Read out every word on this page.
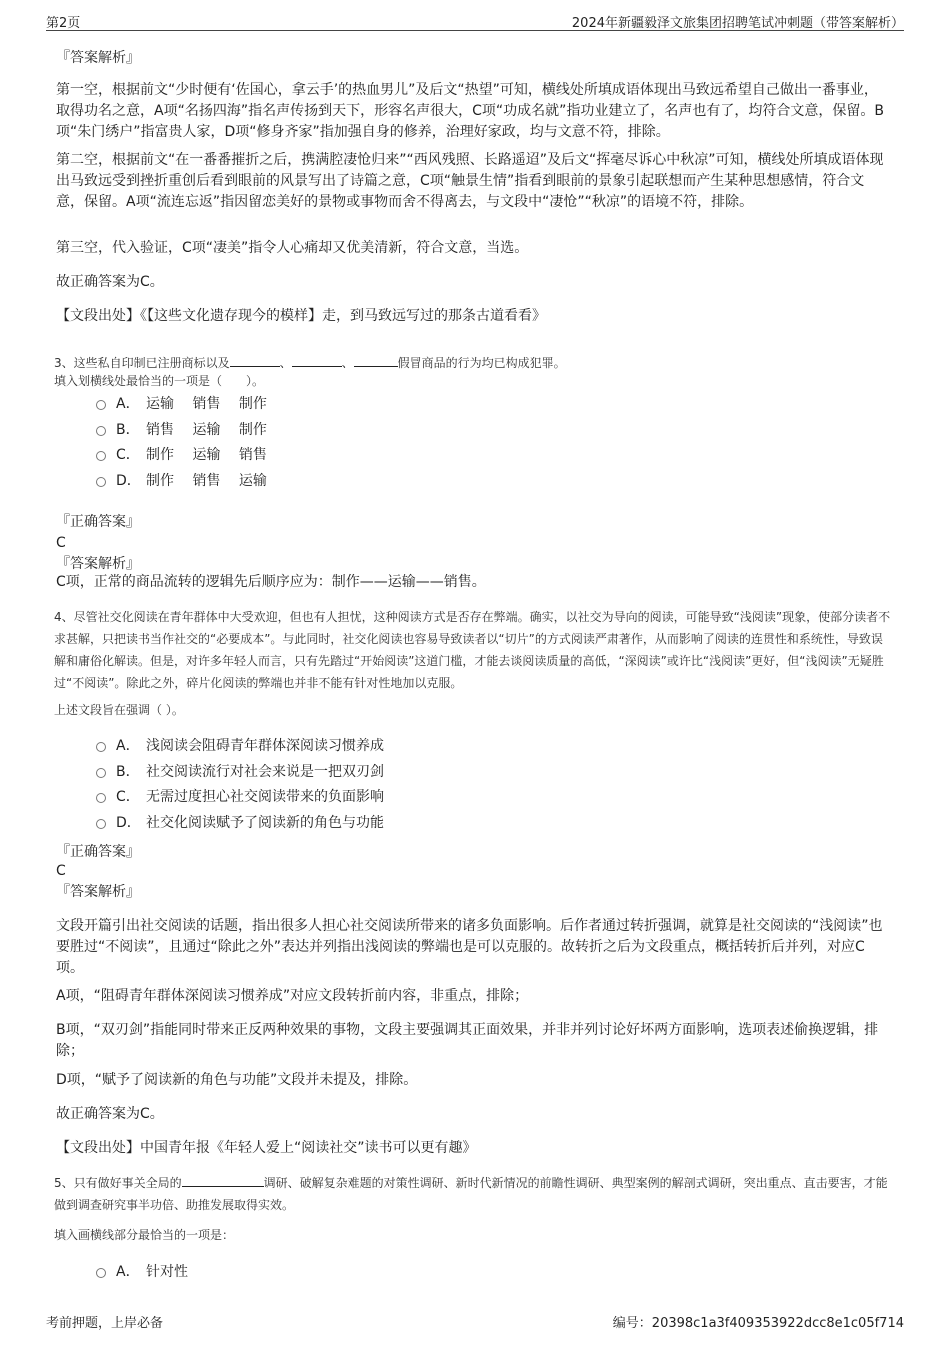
第2页	2024年新疆毅泽文旅集团招聘笔试冲刺题（带答案解析）

『答案解析』

第一空，根据前文“少时便有‘佐国心，拿云手’的热血男儿”及后文“热望”可知，横线处所填成语体现出马致远希望自己做出一番事业，取得功名之意，A项“名扬四海”指名声传扬到天下，形容名声很大，C项“功成名就”指功业建立了，名声也有了，均符合文意，保留。B项“朱门绣户”指富贵人家，D项“修身齐家”指加强自身的修养，治理好家政，均与文意不符，排除。

第二空，根据前文“在一番番摧折之后，携满腔凄怆归来”“西风残照、长路遥迢”及后文“挥毫尽诉心中秋凉”可知，横线处所填成语体现出马致远受到挫折重创后看到眼前的风景写出了诗篇之意，C项“触景生情”指看到眼前的景象引起联想而产生某种思想感情，符合文意，保留。A项“流连忘返”指因留恋美好的景物或事物而舍不得离去，与文段中“凄怆”“秋凉”的语境不符，排除。

第三空，代入验证，C项“凄美”指令人心痛却又优美清新，符合文意，当选。

故正确答案为C。

【文段出处】《【这些文化遗存现今的模样】走，到马致远写过的那条古道看看》

3、这些私自印制已注册商标以及	、	、	假冒商品的行为均已构成犯罪。

填入划横线处最恰当的一项是（　　）。

A． 运输　 销售　 制作
B． 销售　 运输　 制作
C． 制作　 运输　 销售
D． 制作　 销售　 运输

『正确答案』

C

『答案解析』

C项，正常的商品流转的逻辑先后顺序应为：制作——运输——销售。

4、尽管社交化阅读在青年群体中大受欢迎，但也有人担忧，这种阅读方式是否存在弊端。确实，以社交为导向的阅读，可能导致“浅阅读”现象，使部分读者不求甚解，只把读书当作社交的“必要成本”。与此同时，社交化阅读也容易导致读者以“切片”的方式阅读严肃著作，从而影响了阅读的连贯性和系统性，导致误解和庸俗化解读。但是，对许多年轻人而言，只有先踏过“开始阅读”这道门槛，才能去谈阅读质量的高低，“深阅读”或许比“浅阅读”更好，但“浅阅读”无疑胜过“不阅读”。除此之外，碎片化阅读的弊端也并非不能有针对性地加以克服。

上述文段旨在强调（ ）。

A． 浅阅读会阻碍青年群体深阅读习惯养成
B． 社交阅读流行对社会来说是一把双刃剑
C． 无需过度担心社交阅读带来的负面影响
D． 社交化阅读赋予了阅读新的角色与功能

『正确答案』

C

『答案解析』

文段开篇引出社交阅读的话题，指出很多人担心社交阅读所带来的诸多负面影响。后作者通过转折强调，就算是社交阅读的“浅阅读”也要胜过“不阅读”，且通过“除此之外”表达并列指出浅阅读的弊端也是可以克服的。故转折之后为文段重点，概括转折后并列，对应C项。

A项，“阻碍青年群体深阅读习惯养成”对应文段转折前内容，非重点，排除；

B项，“双刃剑”指能同时带来正反两种效果的事物，文段主要强调其正面效果，并非并列讨论好坏两方面影响，选项表述偷换逻辑，排除；

D项，“赋予了阅读新的角色与功能”文段并未提及，排除。

故正确答案为C。

【文段出处】中国青年报《年轻人爱上“阅读社交”读书可以更有趣》

5、只有做好事关全局的	调研、破解复杂难题的对策性调研、新时代新情况的前瞻性调研、典型案例的解剖式调研，突出重点、直击要害，才能做到调查研究事半功倍、助推发展取得实效。

填入画横线部分最恰当的一项是：

A． 针对性
考前押题，上岸必备	编号：20398c1a3f409353922dcc8e1c05f714
